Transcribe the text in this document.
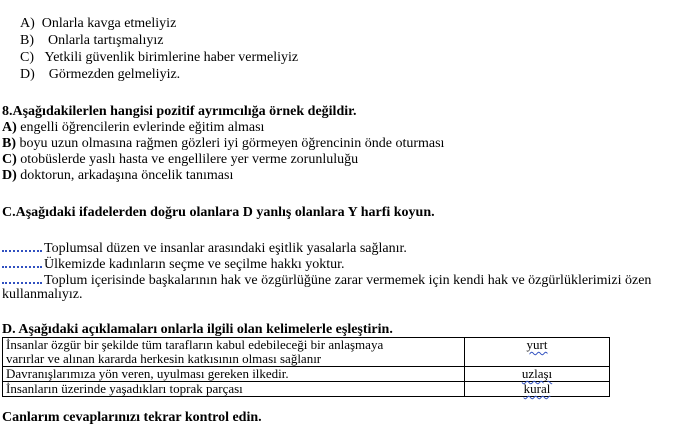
A) Onlarla kavga etmeliyiz
B) Onlarla tartışmalıyız
C) Yetkili güvenlik birimlerine haber vermeliyiz
D) Görmezden gelmeliyiz.
8.Aşağıdakilerlen hangisi pozitif ayrımcılığa örnek değildir.
A) engelli öğrencilerin evlerinde eğitim alması
B) boyu uzun olmasına rağmen gözleri iyi görmeyen öğrencinin önde oturması
C) otobüslerde yaslı hasta ve engellilere yer verme zorunluluğu
D) doktorun, arkadaşına öncelik tanıması
C.Aşağıdaki ifadelerden doğru olanlara D yanlış olanlara Y harfi koyun.
Toplumsal düzen ve insanlar arasındaki eşitlik yasalarla sağlanır.
Ülkemizde kadınların seçme ve seçilme hakkı yoktur.
Toplum içerisinde başkalarının hak ve özgürlüğüne zarar vermemek için kendi hak ve özgürlüklerimizi özen
kullanmalıyız.
D. Aşağıdaki açıklamaları onlarla ilgili olan kelimelerle eşleştirin.
İnsanlar özgür bir şekilde tüm tarafların kabul edebileceği bir anlaşmaya
varırlar ve alınan kararda herkesin katkısının olması sağlanır	yurt
Davranışlarımıza yön veren, uyulması gereken ilkedir.	uzlaşı
İnsanların üzerinde yaşadıkları toprak parçası	kural
Canlarım cevaplarınızı tekrar kontrol edin.
